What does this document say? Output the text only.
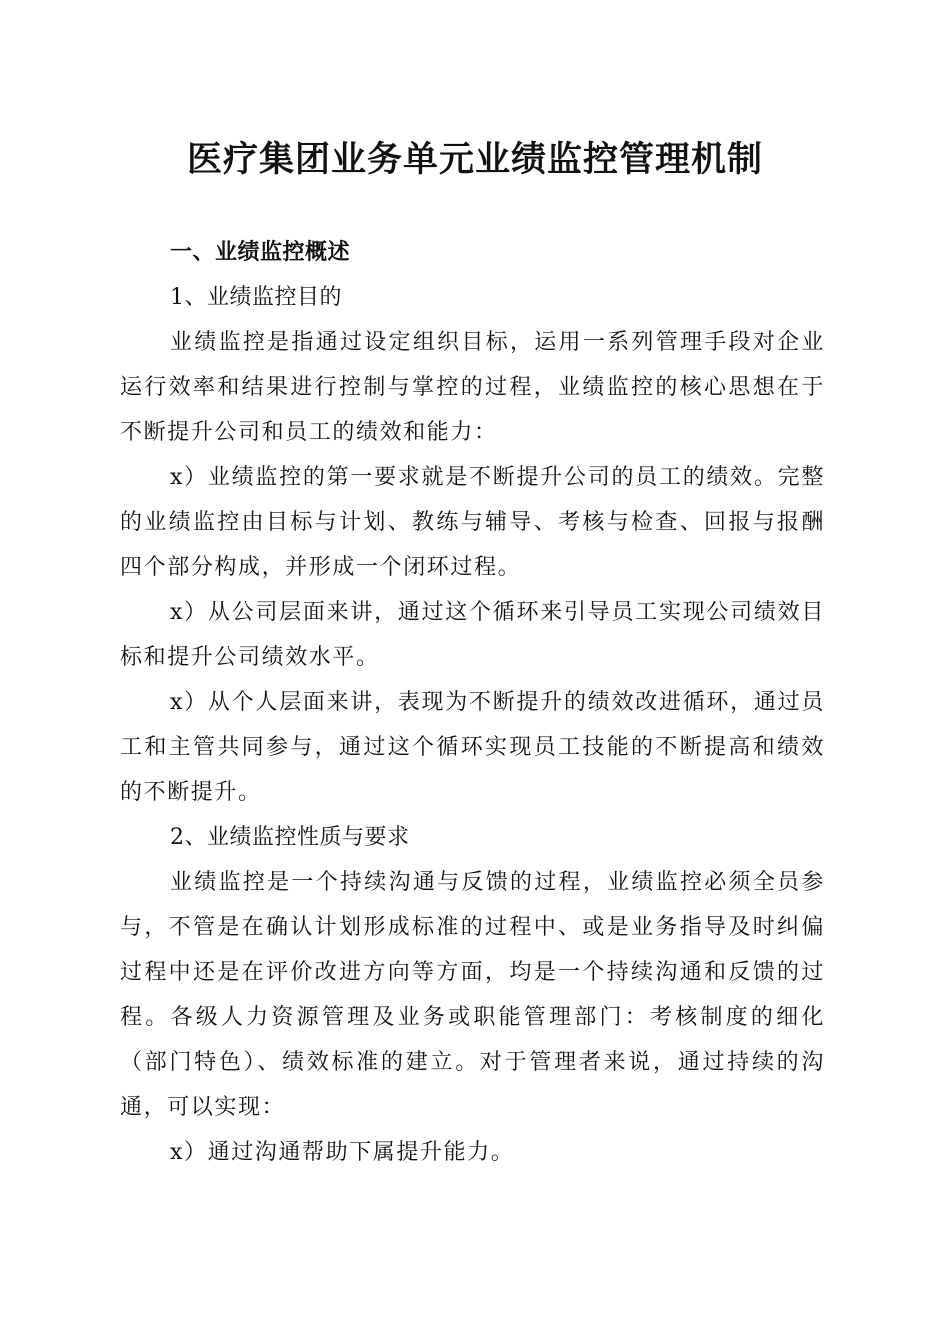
医疗集团业务单元业绩监控管理机制
一、业绩监控概述

1、业绩监控目的

业绩监控是指通过设定组织目标，运用一系列管理手段对企业运行效率和结果进行控制与掌控的过程，业绩监控的核心思想在于不断提升公司和员工的绩效和能力：

x）业绩监控的第一要求就是不断提升公司的员工的绩效。完整的业绩监控由目标与计划、教练与辅导、考核与检查、回报与报酬四个部分构成，并形成一个闭环过程。

x）从公司层面来讲，通过这个循环来引导员工实现公司绩效目标和提升公司绩效水平。

x）从个人层面来讲，表现为不断提升的绩效改进循环，通过员工和主管共同参与，通过这个循环实现员工技能的不断提高和绩效的不断提升。

2、业绩监控性质与要求

业绩监控是一个持续沟通与反馈的过程，业绩监控必须全员参与，不管是在确认计划形成标准的过程中、或是业务指导及时纠偏过程中还是在评价改进方向等方面，均是一个持续沟通和反馈的过程。各级人力资源管理及业务或职能管理部门：考核制度的细化（部门特色）、绩效标准的建立。对于管理者来说，通过持续的沟通，可以实现：

x）通过沟通帮助下属提升能力。
